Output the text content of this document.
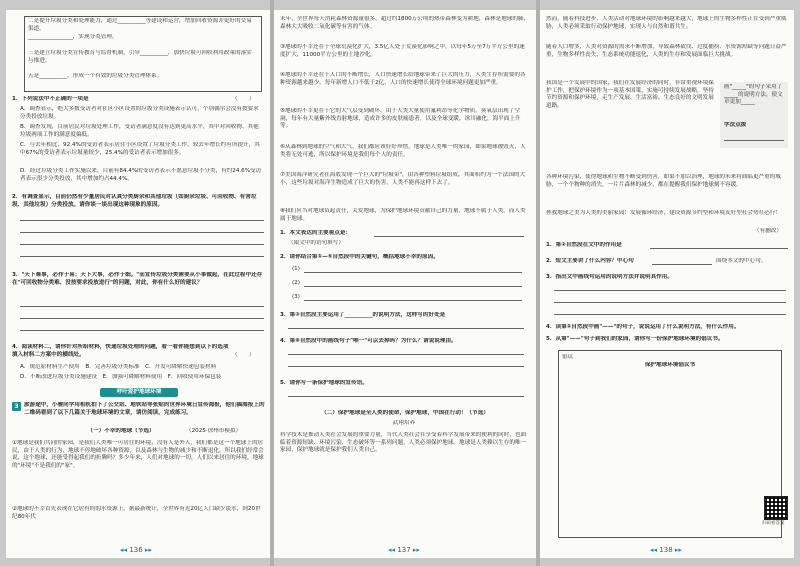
二是提升垃圾分类和处理能力，通过__________等建设和运营，增加回收资源并更好的交易渠道。
________________，实现分类管理。
三是建立垃圾分类宣传教育与监督机制，引导__________，加快垃圾可回收利用政策的落实与推进。
五是__________，形成一个有效的垃圾分类管理体系。
1．下列说法中不正确的一项是	（　　）
A．调查显示，绝大多数受访者对社区小区设置的垃圾分类设施表示认可，个别偶尔会没有按要求分类投放垃圾。
B．调查发现，目前居民对垃圾处理工作，受访者满意度没有达到更高水平，其中对回收物、其他垃圾两项工作的满意度偏低。
C．与去年相比，92.4%的受访者表示居住小区设置了垃圾分类工作，较去年增长约有所提升，其中67%的受访者表示垃圾量较少，25.4%的受访者表示增加很多。
D．经过垃圾分类工作实施以来，目前有84.4%的受访者表示不愿意垃圾不分类，有约24.6%受访者表示很少分类投放，其中增加约占44.4%。
2．有调查显示，目前仍然有少量居民对认真分类厨余和其他垃圾（如厨余垃圾、可回收物、有害垃圾、其他垃圾）分类投放。请你谈一谈出现这种现象的原因。
3．"天下难事，必作于易；天下大事，必作于细。"而宣传垃圾分类需要从小事做起，在此过程中还存在"可回收物分类难、没按要求投放进行"的问题，对此，你有什么好的建议？
4．阅读材料二，请你针对所给材料，快递垃圾处理的问题，看一看你能想到以下的选项填入材料二方案中的横线处。	（　　）
A．规范原材料生产使用　B．完善垃圾分类标准　C．开发可降解快递包装材料
D．不断改进垃圾分类设施建设　E．加强可降解材料使用　F．回收使用环保包装
呼吁爱护地球环境
3 旅游途中，小雅同学用相机拍下了公交站、地铁站等张贴的世界环境日宣传海报，他们搞海报上的二维码看到了以下几篇关于地球环境的文章，请仿阅读，完成练习。
（一）不幸的地球（节选）	（2025·徐州市模拟）
①地球是我们共同的家园，是我们人类唯一可居住的环境，没有人是外人，我们都是这一个地球上的居民，由于人类的行为，地球不停地破坏各种资源，以及森林与生物的减少和不断退化，所以我们经常会说，这个地球，还能受得起我们的折腾吗？多少年来，人们对地球的一切，人们以来居住的环境，地球的"环境"不是我们的"家"。
②地球的不幸首先表现在它居有的的水资源上，据最新统计，全世界有近20亿人口缺少淡水，到20世纪80年代
◂◂ 136 ▸▸
末年，全世界每天消耗森林资源量很多，超过约1800万公顷的热带森林变为耕地，森林是地球的肺，森林大大吸收二氧化碳等有害的气体。
③地球的不幸还在于全球荒漠化扩大，3.5亿人处于荒漠化影响之中，以每年5万至7万平方公里的速度扩大，11000平方公里的土地沙化。
④地球的不幸还在于人口的不断增长，人口快速增长给地球带来了巨大的压力，人类生存所需要的各种资源越来越少，每年新增人口不低于2亿，人口的快速增长使得全球环境问题更加严重。
⑤地球的不幸更在于它的大气层受到破坏，由于人类大量使用氟利昂等化学物质，臭氧层出现了空洞，每年有大量紫外线直射地球，造成许多的皮肤癌患者，以及全球变暖，冰川融化，海平面上升等。
⑥从森林到地球的空气和大气，我们都应该好好珍惜，地球是人类唯一的家园，如果地球被毁灭，人类将无处可逃，所以保护环境是我们每个人的责任。
⑦美国海洋研究者在海底发现一个巨大的"垃圾带"，由各种塑料垃圾组成，其面积约为一个法国的大小，这些垃圾对海洋生物造成了巨大的伤害，人类不能再这样下去了。
⑧我们应当对地球负起责任，关爱地球，为保护地球环境贡献自己的力量，地球不属于人类，而人类属于地球。
1．本文表达的主要观点是：
（限文中的语句填写）
2．请你结合第①—⑤自然段中的关键句，概括地球不幸的原因。
(1)
(2)
(3)
3．第③自然段主要运用了__________的说明方法，这样写的好处是
4．第⑧自然段中的画线句子"唯一"可以去掉吗？为什么？请说说理由。
5．请你写一条保护地球的宣传语。
（二）保护地球是全人类的使命，保护地球，中国在行动！（节选）
武翔培养
科学技术是推动人类社会发展的重要力量，当代人类社会在享受着科学发展带来的便利的同时，也面临着资源短缺、环境污染、生态破坏等一系列问题，人类必须保护地球。地球是人类赖以生存的唯一家园，保护地球就是保护我们人类自己。
◂◂ 137 ▸▸
然而，随着科技进步，人类活动对地球环境的影响越来越大，地球上的生物多样性正在受到严重威胁，人类必须采取行动保护地球，实现人与自然和谐共生。
随着人口增多，人类对资源的需求不断增加，导致森林砍伐、过度捕捞、水资源短缺等问题日益严重，生物多样性丧失，生态系统功能退化，人类的生存和发展面临巨大挑战。
我国是一个发展中的国家，我们在发展经济的同时，非常重视环境保护工作，把保护环境作为一项基本国策，实施可持续发展战略，坚持节约资源和保护环境，走生产发展、生活富裕、生态良好的文明发展道路。
画"_____"的句子采用了_____的说明方法，使文章更加_____
学法点拨
各种环境污染，使得地球和生物不断受到伤害，如果不加以治理，地球的未来将面临更严重的威胁，一个个物种的消失，一片片森林的减少，都在提醒我们保护地球刻不容缓。
拯救地球之美为人类的美丽家园！发展循环经济，建设资源节约型和环境友好型社会势在必行！
（有删改）
1．第②自然段在文中的作用是
2．短文主要讲了什么内容？中心句	围绕本文的中心句。
3．指出文中画线句运用的说明方法并说明其作用。
4．读第①自然段中画"——"的句子，说说运用了什么说明方法，有什么作用。
5．从第"——"句子到我们的家园，请你写一份保护地球环境的倡议书。
倡议
保护地球环境倡议书
扫码看答案
◂◂ 138 ▸▸
